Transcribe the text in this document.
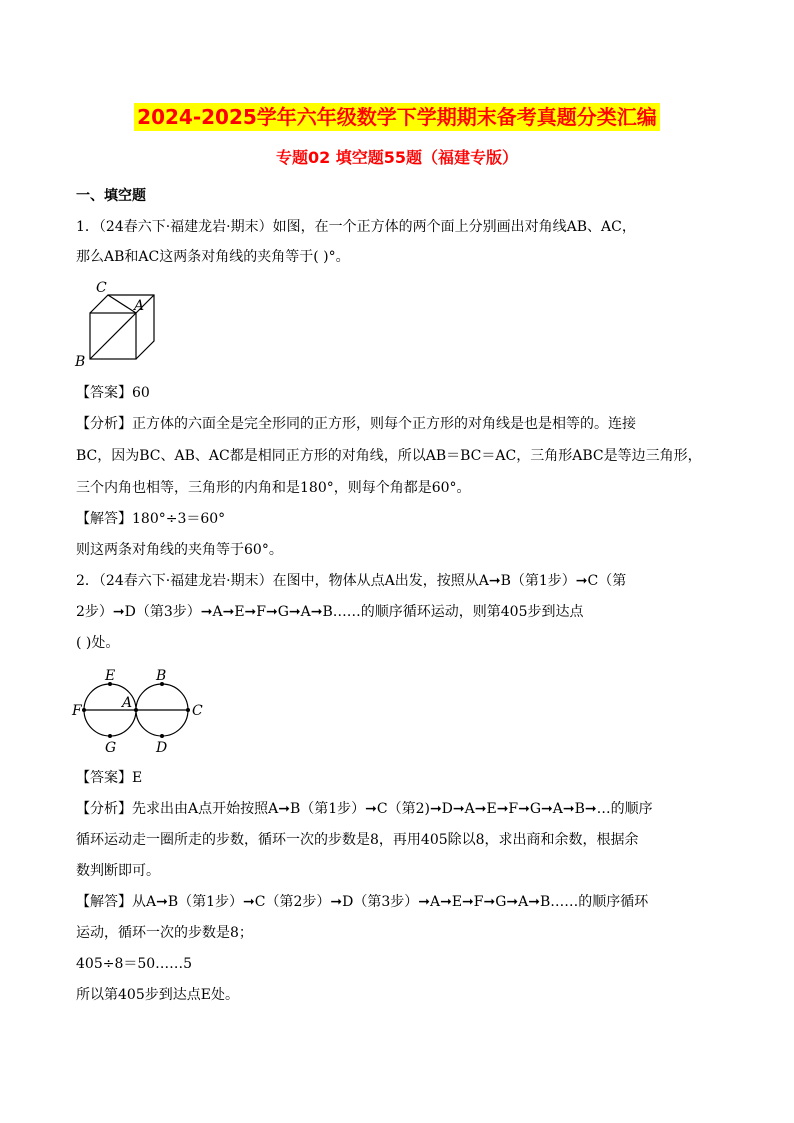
2024-2025学年六年级数学下学期期末备考真题分类汇编
专题02 填空题55题（福建专版）
一、填空题
1．（24春六下·福建龙岩·期末）如图，在一个正方体的两个面上分别画出对角线AB、AC，
那么AB和AC这两条对角线的夹角等于( )°。
C
A
B
【答案】60
【分析】正方体的六面全是完全形同的正方形，则每个正方形的对角线是也是相等的。连接
BC，因为BC、AB、AC都是相同正方形的对角线，所以AB＝BC＝AC，三角形ABC是等边三角形，
三个内角也相等，三角形的内角和是180°，则每个角都是60°。
【解答】180°÷3＝60°
则这两条对角线的夹角等于60°。
2．（24春六下·福建龙岩·期末）在图中，物体从点A出发，按照从A➞B（第1步）➞C（第
2步）➞D（第3步）➞A➞E➞F➞G➞A➞B……的顺序循环运动，则第405步到达点
( )处。
E	B
F	A	C
G	D
【答案】E
【分析】先求出由A点开始按照A➞B（第1步）➞C（第2)➞D➞A➞E➞F➞G➞A➞B➞…的顺序
循环运动走一圈所走的步数，循环一次的步数是8，再用405除以8，求出商和余数，根据余
数判断即可。
【解答】从A➞B（第1步）➞C（第2步）➞D（第3步）➞A➞E➞F➞G➞A➞B……的顺序循环
运动，循环一次的步数是8；
405÷8＝50……5
所以第405步到达点E处。
